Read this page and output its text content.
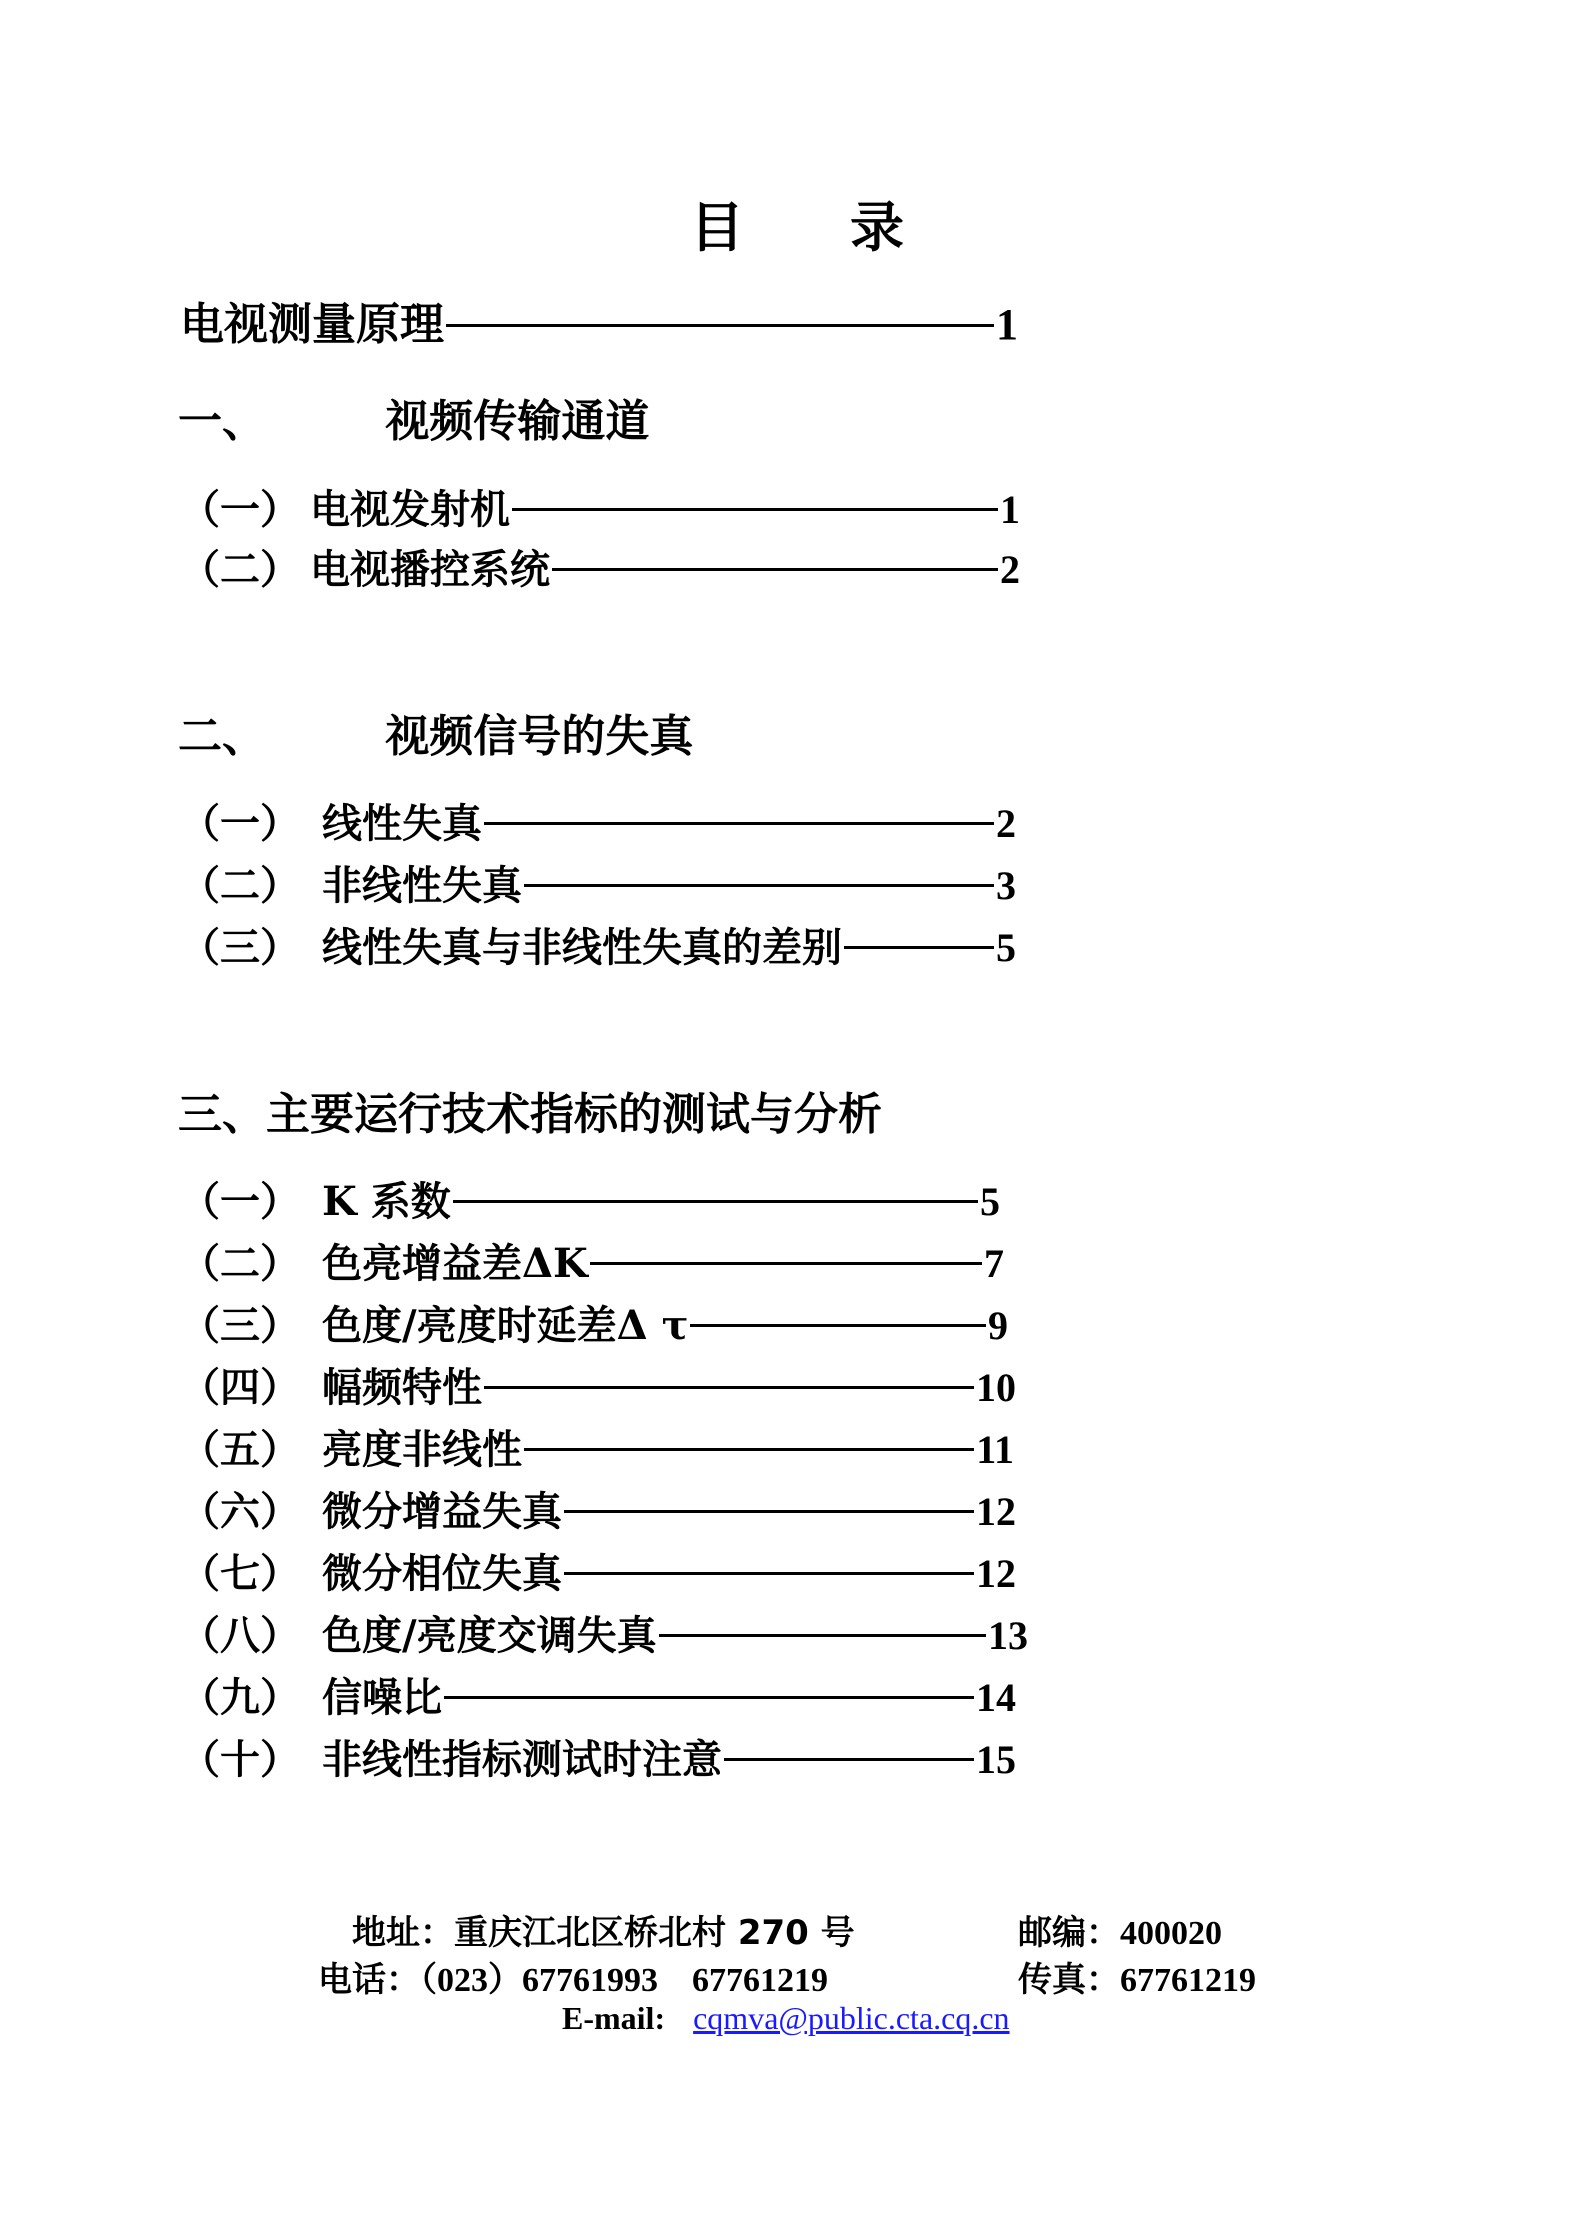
目 录
电视测量原理	1
一、	视频传输通道
（一） 电视发射机	1
（二） 电视播控系统	2
二、	视频信号的失真
（一） 线性失真	2
（二） 非线性失真	3
（三） 线性失真与非线性失真的差别	5
三、主要运行技术指标的测试与分析
（一） K 系数	5
（二） 色亮增益差ΔK	7
（三） 色度/亮度时延差Δ τ	9
（四） 幅频特性	10
（五） 亮度非线性	11
（六） 微分增益失真	12
（七） 微分相位失真	12
（八） 色度/亮度交调失真	13
（九） 信噪比	14
（十） 非线性指标测试时注意	15
地址：重庆江北区桥北村 270 号	邮编：400020
电话：（023）67761993　67761219	传真：67761219
E-mail: cqmva@public.cta.cq.cn
